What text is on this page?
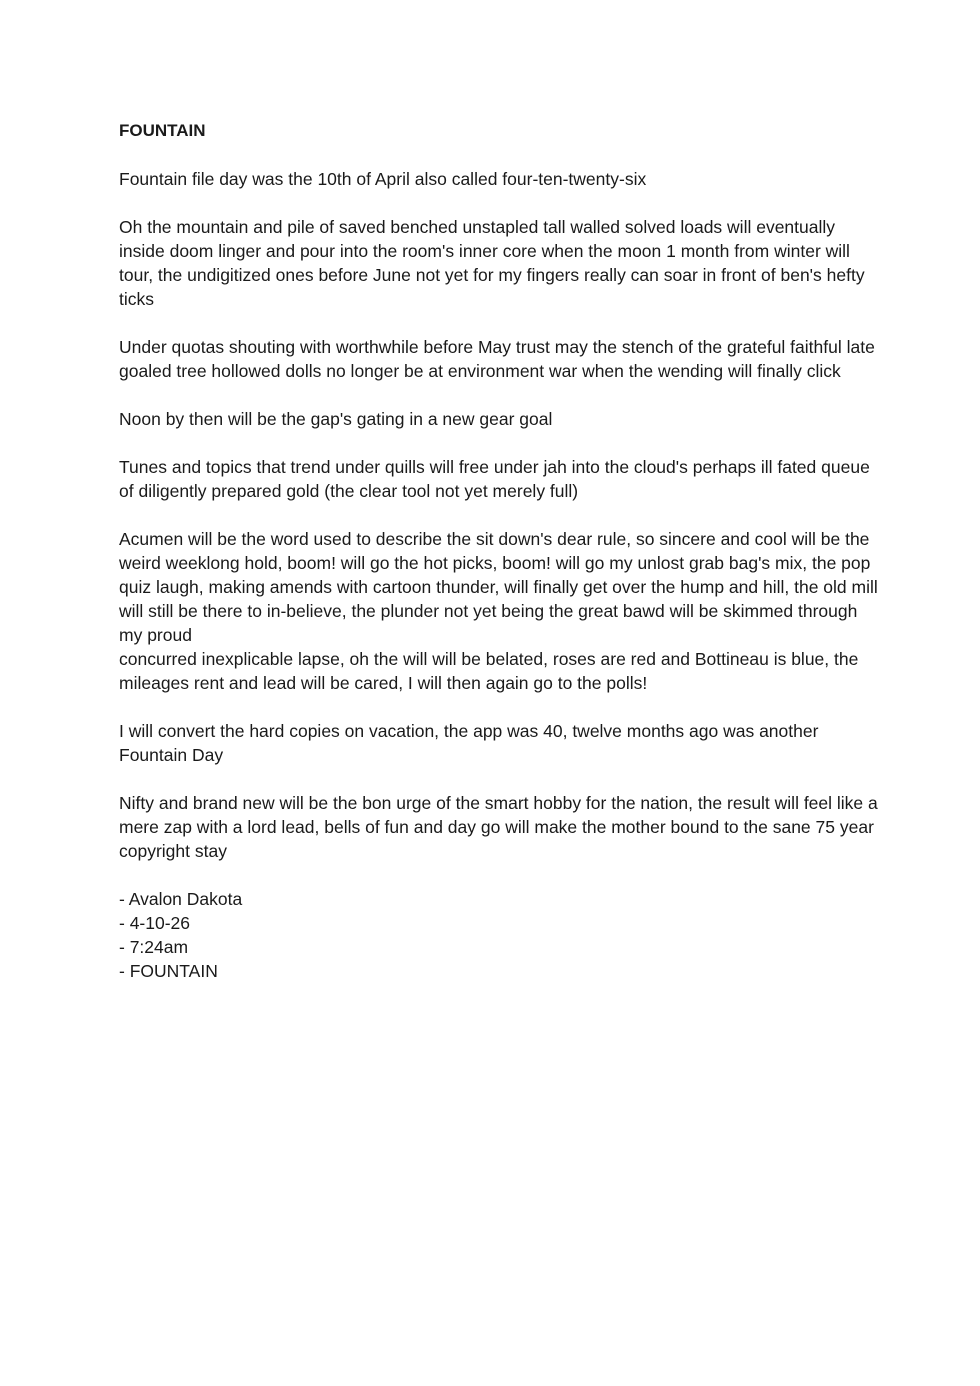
FOUNTAIN

Fountain file day was the 10th of April also called four-ten-twenty-six

Oh the mountain and pile of saved benched unstapled tall walled solved loads will eventually inside doom linger and pour into the room's inner core when the moon 1 month from winter will tour, the undigitized ones before June not yet for my fingers really can soar in front of ben's hefty ticks

Under quotas shouting with worthwhile before May trust may the stench of the grateful faithful late goaled tree hollowed dolls no longer be at environment war when the wending will finally click

Noon by then will be the gap's gating in a new gear goal

Tunes and topics that trend under quills will free under jah into the cloud's perhaps ill fated queue of diligently prepared gold (the clear tool not yet merely full)

Acumen will be the word used to describe the sit down's dear rule, so sincere and cool will be the weird weeklong hold, boom! will go the hot picks, boom! will go my unlost grab bag's mix, the pop quiz laugh, making amends with cartoon thunder, will finally get over the hump and hill, the old mill will still be there to in-believe, the plunder not yet being the great bawd will be skimmed through my proud

concurred inexplicable lapse, oh the will will be belated, roses are red and Bottineau is blue, the mileages rent and lead will be cared, I will then again go to the polls!

I will convert the hard copies on vacation, the app was 40, twelve months ago was another Fountain Day

Nifty and brand new will be the bon urge of the smart hobby for the nation, the result will feel like a mere zap with a lord lead, bells of fun and day go will make the mother bound to the sane 75 year copyright stay

- Avalon Dakota
- 4-10-26
- 7:24am
- FOUNTAIN
